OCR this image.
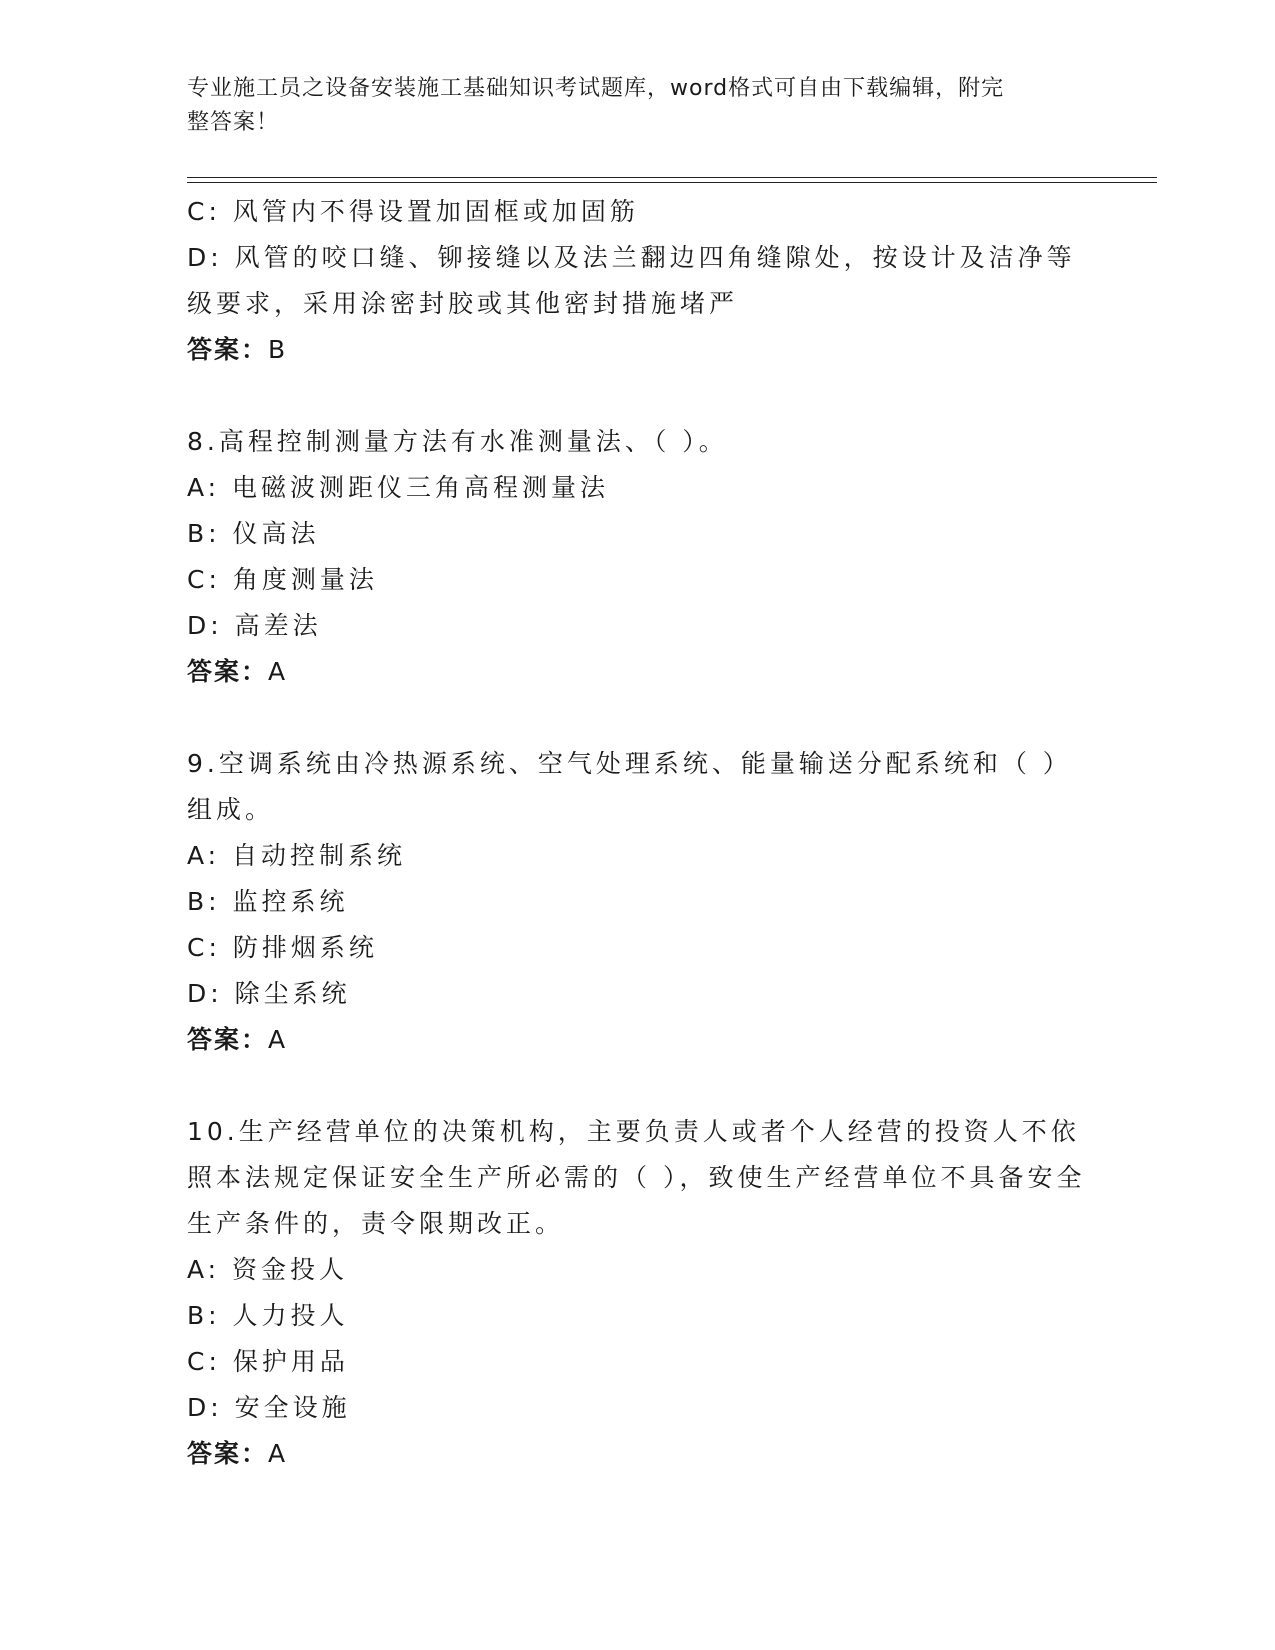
专业施工员之设备安装施工基础知识考试题库，word格式可自由下载编辑，附完
整答案！
C: 风管内不得设置加固框或加固筋
D: 风管的咬口缝、铆接缝以及法兰翻边四角缝隙处，按设计及洁净等级要求，采用涂密封胶或其他密封措施堵严
答案：B
8.高程控制测量方法有水准测量法、（ ）。
A: 电磁波测距仪三角高程测量法
B: 仪高法
C: 角度测量法
D: 高差法
答案：A
9.空调系统由冷热源系统、空气处理系统、能量输送分配系统和（ ）组成。
A: 自动控制系统
B: 监控系统
C: 防排烟系统
D: 除尘系统
答案：A
10.生产经营单位的决策机构，主要负责人或者个人经营的投资人不依照本法规定保证安全生产所必需的（ ），致使生产经营单位不具备安全生产条件的，责令限期改正。
A: 资金投人
B: 人力投人
C: 保护用品
D: 安全设施
答案：A
